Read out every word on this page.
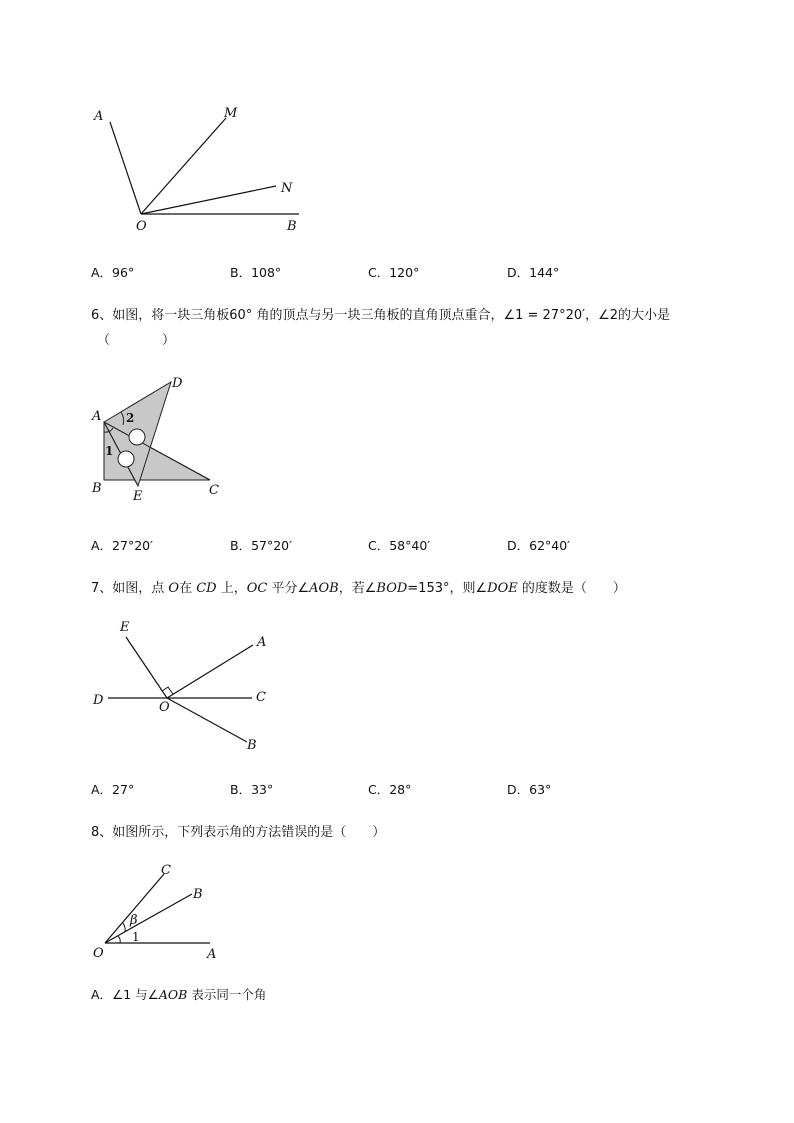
A	M
N
O	B
A．96°	B．108°	C．120°	D．144°
6、如图，将一块三角板60° 角的顶点与另一块三角板的直角顶点重合，∠1 = 27°20′，∠2的大小是
（　　　　）
A
D
B
E	C
1
2
A．27°20′	B．57°20′	C．58°40′	D．62°40′
7、如图，点 O在 CD 上，OC 平分∠AOB，若∠BOD=153°，则∠DOE 的度数是（　　）
E
A
D	O
C
B
A．27°	B．33°	C．28°	D．63°
8、如图所示，下列表示角的方法错误的是（　　）
C
B
β
1
O	A
A．∠1 与∠AOB 表示同一个角
